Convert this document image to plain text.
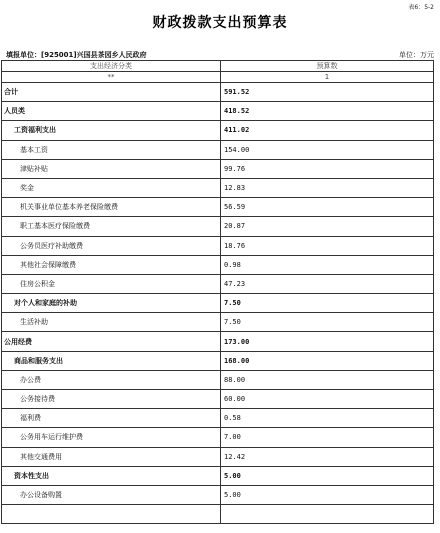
表6：5-2
财政拨款支出预算表
填报单位：[925001]兴国县茶园乡人民政府	单位：万元
支出经济分类	预算数
**	1
合计	591.52
人员类	418.52
工资福利支出	411.02
基本工资	154.00
津贴补贴	99.76
奖金	12.83
机关事业单位基本养老保险缴费	56.59
职工基本医疗保险缴费	20.87
公务员医疗补助缴费	18.76
其他社会保障缴费	0.98
住房公积金	47.23
对个人和家庭的补助	7.50
生活补助	7.50
公用经费	173.00
商品和服务支出	168.00
办公费	88.00
公务接待费	60.00
福利费	0.58
公务用车运行维护费	7.00
其他交通费用	12.42
资本性支出	5.00
办公设备购置	5.00
